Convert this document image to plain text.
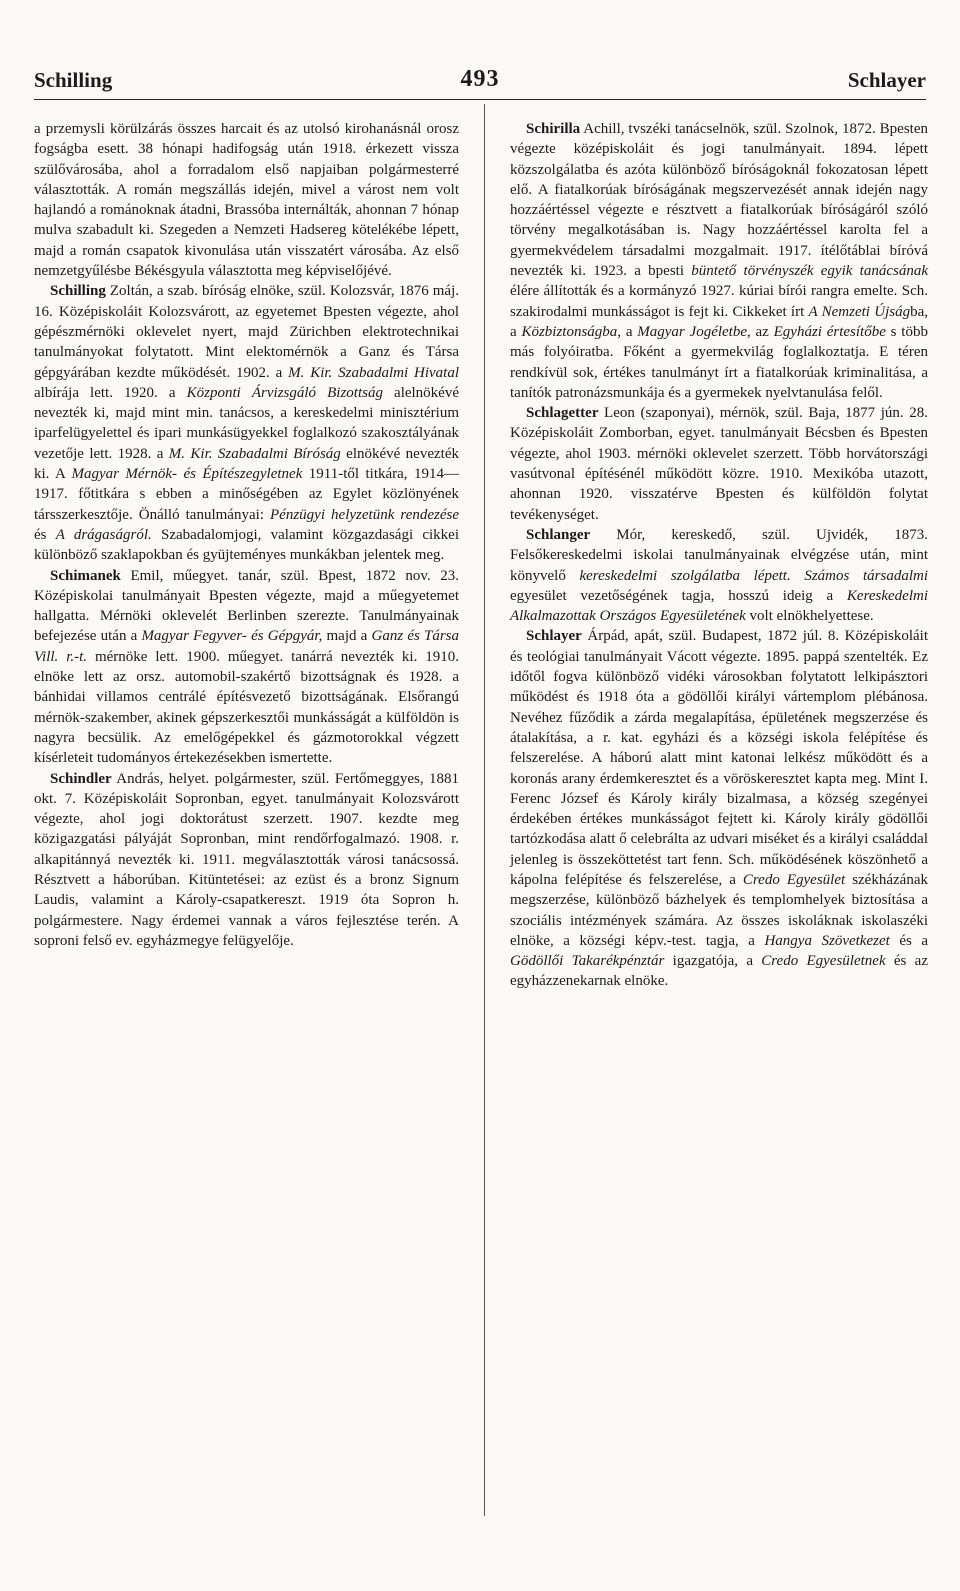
Schilling	493	Schlayer

a przemysli körülzárás összes harcait és az utolsó kirohanásnál orosz fogságba esett. 38 hónapi hadifogság után 1918. érkezett vissza szülővárosába, ahol a forradalom első napjaiban polgármesterré választották. A román megszállás idején, mivel a várost nem volt hajlandó a románoknak átadni, Brassóba internálták, ahonnan 7 hónap mulva szabadult ki. Szegeden a Nemzeti Hadsereg kötelékébe lépett, majd a román csapatok kivonulása után visszatért városába. Az első nemzetgyűlésbe Békésgyula választotta meg képviselőjévé.

Schilling Zoltán, a szab. bíróság elnöke, szül. Kolozsvár, 1876 máj. 16. Középiskoláit Kolozsvárott, az egyetemet Bpesten végezte, ahol gépészmérnöki oklevelet nyert, majd Zürichben elektrotechnikai tanulmányokat folytatott. Mint elektomérnök a Ganz és Társa gépgyárában kezdte működését. 1902. a M. Kir. Szabadalmi Hivatal albírája lett. 1920. a Központi Árvizsgáló Bizottság alelnökévé nevezték ki, majd mint min. tanácsos, a kereskedelmi minisztérium iparfelügyelettel és ipari munkásügyekkel foglalkozó szakosztályának vezetője lett. 1928. a M. Kir. Szabadalmi Bíróság elnökévé nevezték ki. A Magyar Mérnök- és Építészegyletnek 1911-től titkára, 1914—1917. főtitkára s ebben a minőségében az Egylet közlönyének társszerkesztője. Önálló tanulmányai: Pénzügyi helyzetünk rendezése és A drágaságról. Szabadalomjogi, valamint közgazdasági cikkei különböző szaklapokban és gyüjteményes munkákban jelentek meg.

Schimanek Emil, műegyet. tanár, szül. Bpest, 1872 nov. 23. Középiskolai tanulmányait Bpesten végezte, majd a műegyetemet hallgatta. Mérnöki oklevelét Berlinben szerezte. Tanulmányainak befejezése után a Magyar Fegyver- és Gépgyár, majd a Ganz és Társa Vill. r.-t. mérnöke lett. 1900. műegyet. tanárrá nevezték ki. 1910. elnöke lett az orsz. automobil-szakértő bizottságnak és 1928. a bánhidai villamos centrálé építésvezető bizottságának. Elsőrangú mérnök-szakember, akinek gépszerkesztői munkásságát a külföldön is nagyra becsülik. Az emelőgépekkel és gázmotorokkal végzett kísérleteit tudományos értekezésekben ismertette.

Schindler András, helyet. polgármester, szül. Fertőmeggyes, 1881 okt. 7. Középiskoláit Sopronban, egyet. tanulmányait Kolozsvárott végezte, ahol jogi doktorátust szerzett. 1907. kezdte meg közigazgatási pályáját Sopronban, mint rendőrfogalmazó. 1908. r. alkapitánnyá nevezték ki. 1911. megválasztották városi tanácsossá. Résztvett a háborúban. Kitüntetései: az ezüst és a bronz Signum Laudis, valamint a Károly-csapatkereszt. 1919 óta Sopron h. polgármestere. Nagy érdemei vannak a város fejlesztése terén. A soproni felső ev. egyházmegye felügyelője.

Schirilla Achill, tvszéki tanácselnök, szül. Szolnok, 1872. Bpesten végezte középiskoláit és jogi tanulmányait. 1894. lépett közszolgálatba és azóta különböző bíróságoknál fokozatosan lépett elő. A fiatalkorúak bíróságának megszervezését annak idején nagy hozzáértéssel végezte e résztvett a fiatalkorúak bíróságáról szóló törvény megalkotásában is. Nagy hozzáértéssel karolta fel a gyermekvédelem társadalmi mozgalmait. 1917. ítélőtáblai bíróvá nevezték ki. 1923. a bpesti büntető törvényszék egyik tanácsának élére állították és a kormányzó 1927. kúriai bírói rangra emelte. Sch. szakirodalmi munkásságot is fejt ki. Cikkeket írt A Nemzeti Újságba, a Közbiztonságba, a Magyar Jogéletbe, az Egyházi értesítőbe s több más folyóiratba. Főként a gyermekvilág foglalkoztatja. E téren rendkívül sok, értékes tanulmányt írt a fiatalkorúak kriminalitása, a tanítók patronázsmunkája és a gyermekek nyelvtanulása felől.

Schlagetter Leon (szaponyai), mérnök, szül. Baja, 1877 jún. 28. Középiskoláit Zomborban, egyet. tanulmányait Bécsben és Bpesten végezte, ahol 1903. mérnöki oklevelet szerzett. Több horvátországi vasútvonal építésénél működött közre. 1910. Mexikóba utazott, ahonnan 1920. visszatérve Bpesten és külföldön folytat tevékenységet.

Schlanger Mór, kereskedő, szül. Ujvidék, 1873. Felsőkereskedelmi iskolai tanulmányainak elvégzése után, mint könyvelő kereskedelmi szolgálatba lépett. Számos társadalmi egyesület vezetőségének tagja, hosszú ideig a Kereskedelmi Alkalmazottak Országos Egyesületének volt elnökhelyettese.

Schlayer Árpád, apát, szül. Budapest, 1872 júl. 8. Középiskoláit és teológiai tanulmányait Vácott végezte. 1895. pappá szentelték. Ez időtől fogva különböző vidéki városokban folytatott lelkipásztori működést és 1918 óta a gödöllői királyi vártemplom plébánosa. Nevéhez fűződik a zárda megalapítása, épületének megszerzése és átalakítása, a r. kat. egyházi és a községi iskola felépítése és felszerelése. A háború alatt mint katonai lelkész működött és a koronás arany érdemkeresztet és a vöröskeresztet kapta meg. Mint I. Ferenc József és Károly király bizalmasa, a község szegényei érdekében értékes munkásságot fejtett ki. Károly király gödöllői tartózkodása alatt ő celebrálta az udvari miséket és a királyi családdal jelenleg is összeköttetést tart fenn. Sch. működésének köszönhető a kápolna felépítése és felszerelése, a Credo Egyesület székházának megszerzése, különböző bázhelyek és templomhelyek biztosítása a szociális intézmények számára. Az összes iskoláknak iskolaszéki elnöke, a községi képv.-test. tagja, a Hangya Szövetkezet és a Gödöllői Takarékpénztár igazgatója, a Credo Egyesületnek és az egyházzenekarnak elnöke.
